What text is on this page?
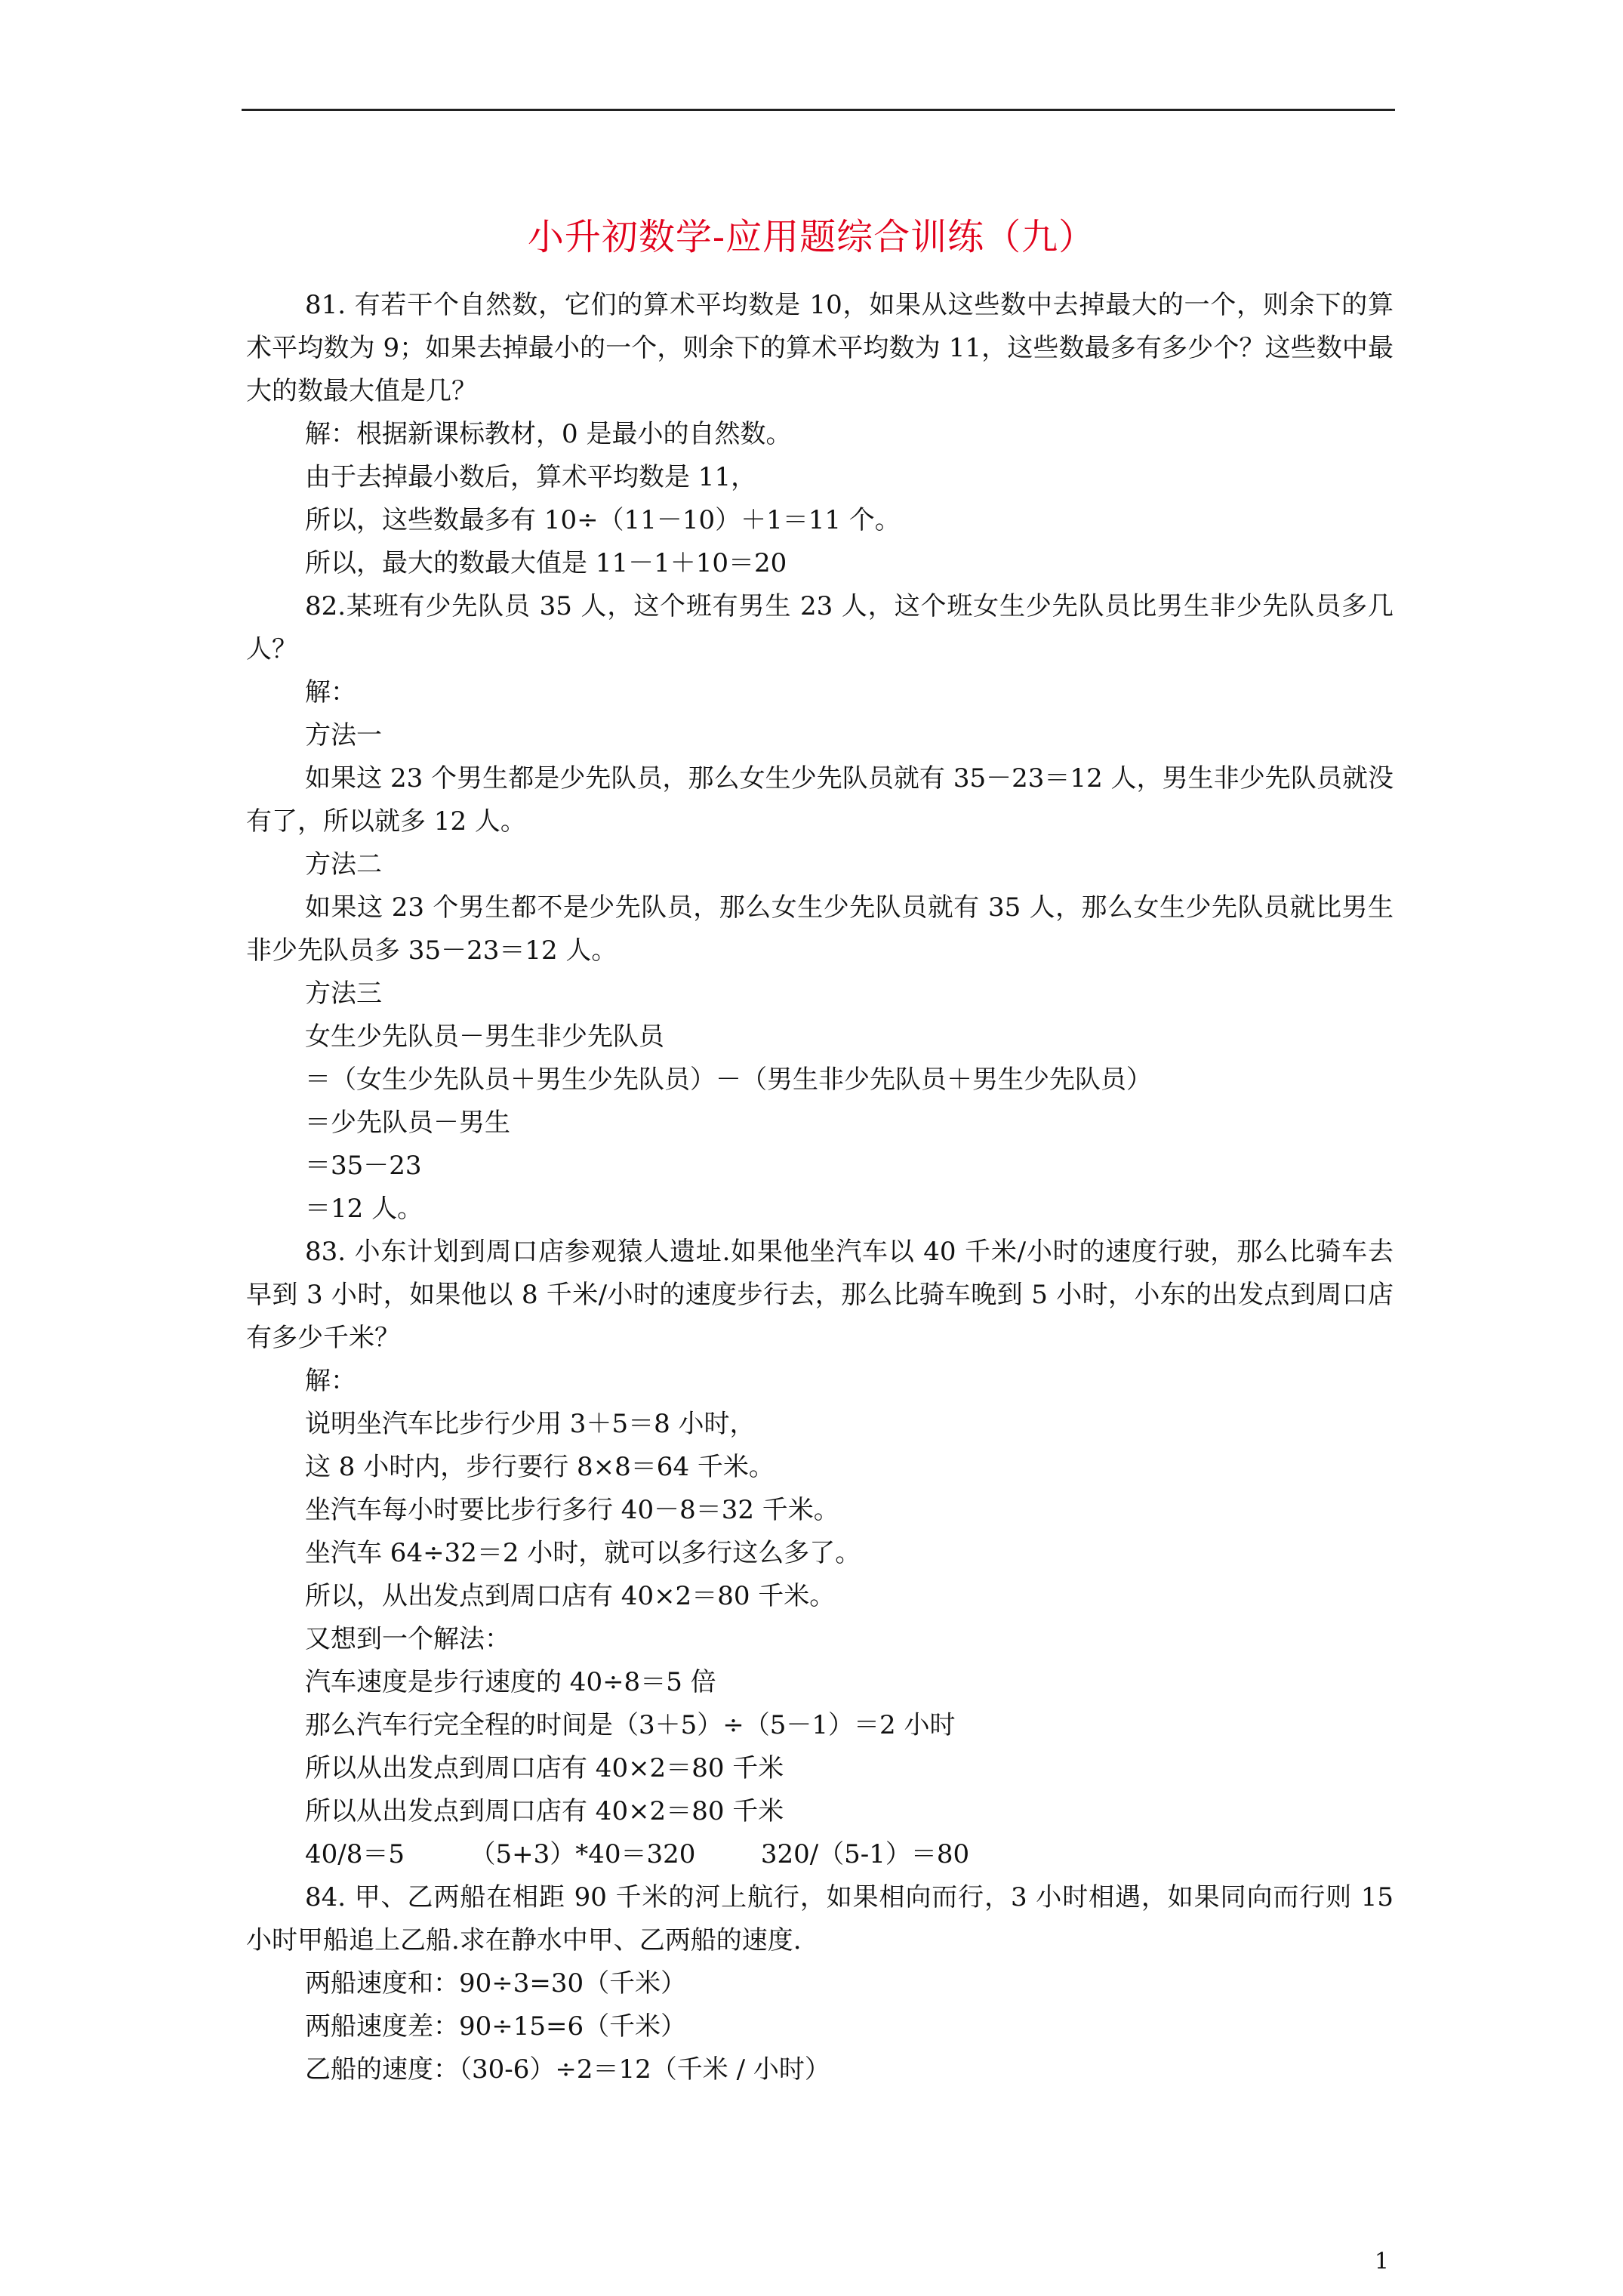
小升初数学-应用题综合训练（九）

81. 有若干个自然数，它们的算术平均数是 10，如果从这些数中去掉最大的一个，则余下的算术平均数为 9；如果去掉最小的一个，则余下的算术平均数为 11，这些数最多有多少个？这些数中最大的数最大值是几？

解：根据新课标教材，0 是最小的自然数。

由于去掉最小数后，算术平均数是 11，

所以，这些数最多有 10÷（11－10）＋1＝11 个。

所以，最大的数最大值是 11－1＋10＝20

82.某班有少先队员 35 人，这个班有男生 23 人，这个班女生少先队员比男生非少先队员多几人？

解：

方法一

如果这 23 个男生都是少先队员，那么女生少先队员就有 35－23＝12 人，男生非少先队员就没有了，所以就多 12 人。

方法二

如果这 23 个男生都不是少先队员，那么女生少先队员就有 35 人，那么女生少先队员就比男生非少先队员多 35－23＝12 人。

方法三

女生少先队员－男生非少先队员

＝（女生少先队员＋男生少先队员）－（男生非少先队员＋男生少先队员）

＝少先队员－男生

＝35－23

＝12 人。

83. 小东计划到周口店参观猿人遗址.如果他坐汽车以 40 千米/小时的速度行驶，那么比骑车去早到 3 小时，如果他以 8 千米/小时的速度步行去，那么比骑车晚到 5 小时，小东的出发点到周口店有多少千米？

解：

说明坐汽车比步行少用 3＋5＝8 小时，

这 8 小时内，步行要行 8×8＝64 千米。

坐汽车每小时要比步行多行 40－8＝32 千米。

坐汽车 64÷32＝2 小时，就可以多行这么多了。

所以，从出发点到周口店有 40×2＝80 千米。

又想到一个解法：

汽车速度是步行速度的 40÷8＝5 倍

那么汽车行完全程的时间是（3＋5）÷（5－1）＝2 小时

所以从出发点到周口店有 40×2＝80 千米

所以从出发点到周口店有 40×2＝80 千米

40/8＝5        （5+3）*40＝320        320/（5-1）＝80

84. 甲、乙两船在相距 90 千米的河上航行，如果相向而行，3 小时相遇，如果同向而行则 15 小时甲船追上乙船.求在静水中甲、乙两船的速度.

两船速度和：90÷3=30（千米）

两船速度差：90÷15=6（千米）

乙船的速度：（30-6）÷2＝12（千米 / 小时）

1
